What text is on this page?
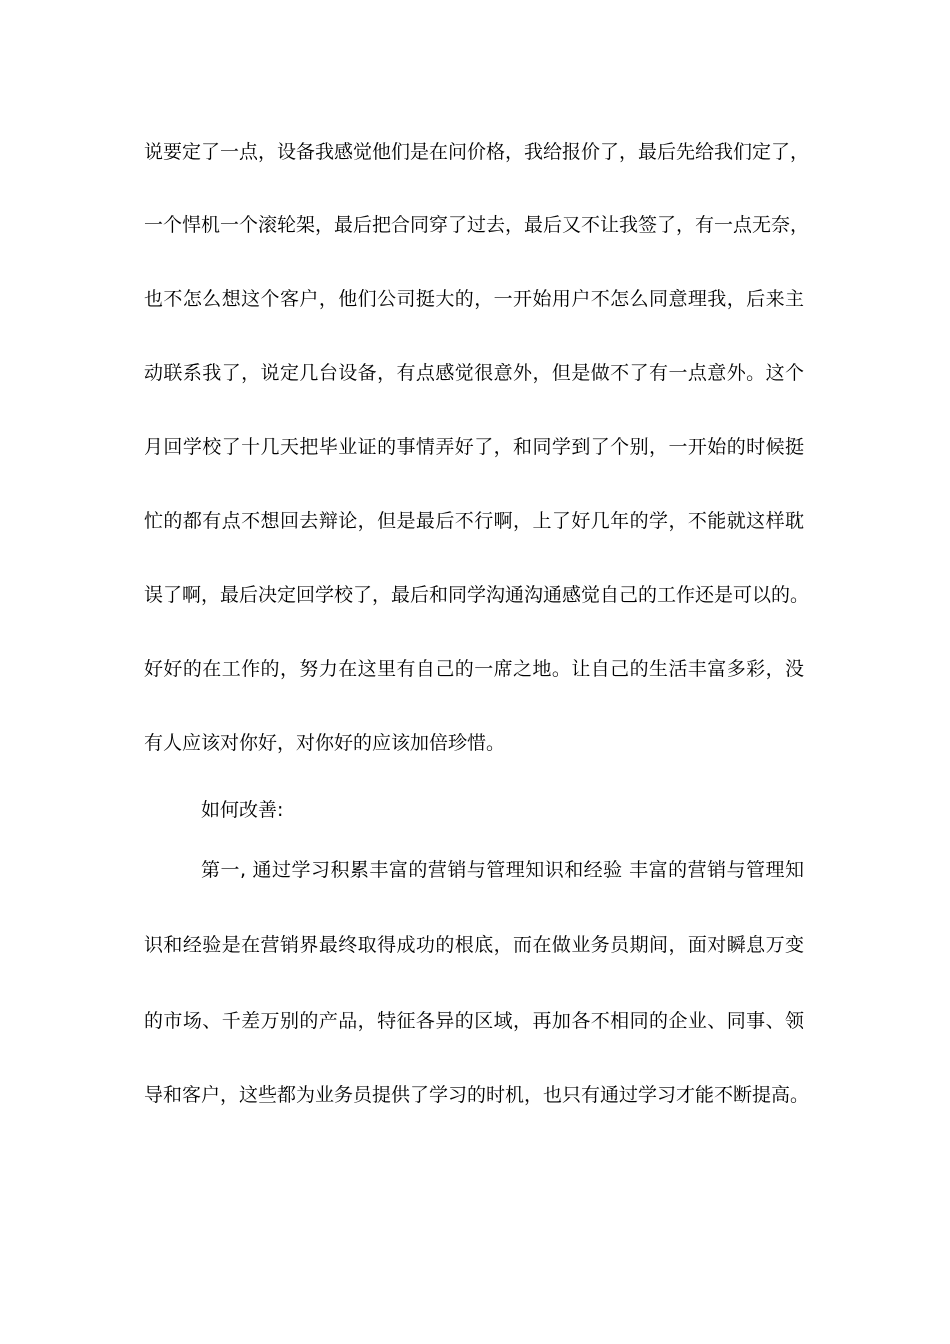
说要定了一点，设备我感觉他们是在问价格，我给报价了，最后先给我们定了，
一个悍机一个滚轮架，最后把合同穿了过去，最后又不让我签了，有一点无奈，
也不怎么想这个客户，他们公司挺大的，一开始用户不怎么同意理我，后来主
动联系我了，说定几台设备，有点感觉很意外，但是做不了有一点意外。这个
月回学校了十几天把毕业证的事情弄好了，和同学到了个别，一开始的时候挺
忙的都有点不想回去辩论，但是最后不行啊，上了好几年的学，不能就这样耽
误了啊，最后决定回学校了，最后和同学沟通沟通感觉自己的工作还是可以的。
好好的在工作的，努力在这里有自己的一席之地。让自己的生活丰富多彩，没
有人应该对你好，对你好的应该加倍珍惜。
如何改善:
第一, 通过学习积累丰富的营销与管理知识和经验 丰富的营销与管理知
识和经验是在营销界最终取得成功的根底，而在做业务员期间，面对瞬息万变
的市场、千差万别的产品，特征各异的区域，再加各不相同的企业、同事、领
导和客户，这些都为业务员提供了学习的时机，也只有通过学习才能不断提高。
